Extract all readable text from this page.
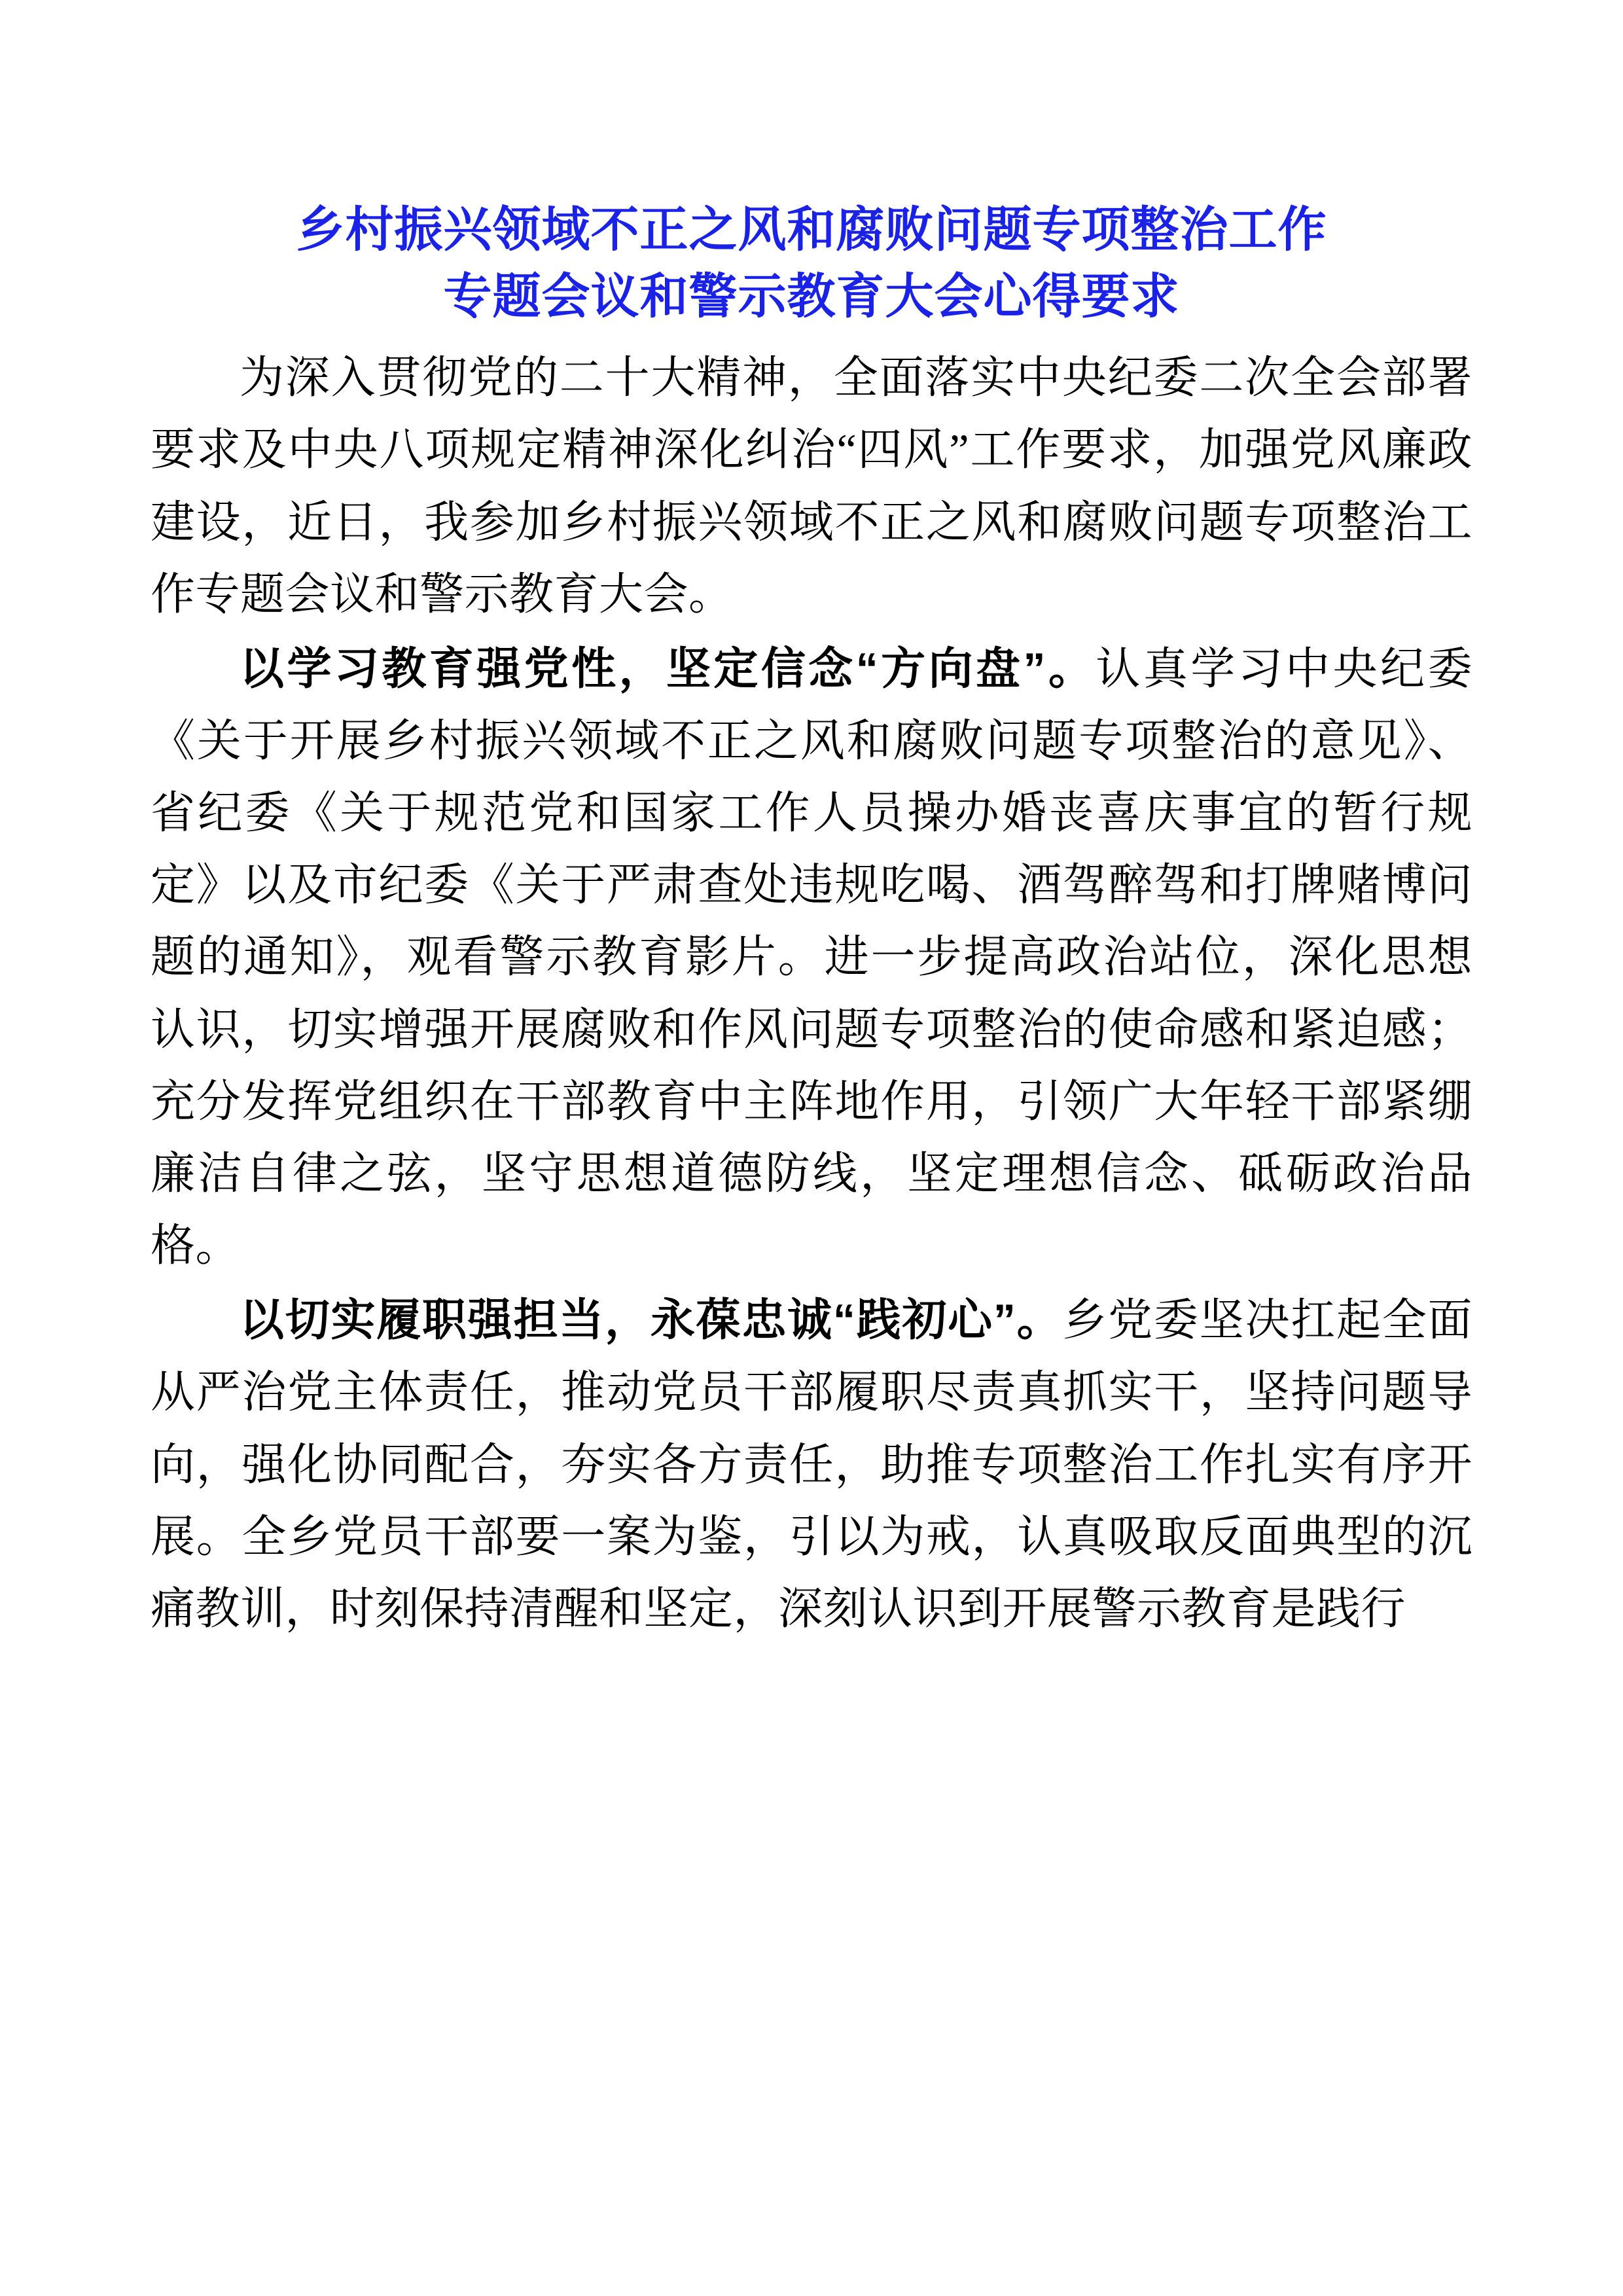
乡村振兴领域不正之风和腐败问题专项整治工作
专题会议和警示教育大会心得要求

为深入贯彻党的二十大精神，全面落实中央纪委二次全会部署要求及中央八项规定精神深化纠治“四风”工作要求，加强党风廉政建设，近日，我参加乡村振兴领域不正之风和腐败问题专项整治工作专题会议和警示教育大会。

以学习教育强党性，坚定信念“方向盘”。认真学习中央纪委《关于开展乡村振兴领域不正之风和腐败问题专项整治的意见》、省纪委《关于规范党和国家工作人员操办婚丧喜庆事宜的暂行规定》以及市纪委《关于严肃查处违规吃喝、酒驾醉驾和打牌赌博问题的通知》，观看警示教育影片。进一步提高政治站位，深化思想认识，切实增强开展腐败和作风问题专项整治的使命感和紧迫感；充分发挥党组织在干部教育中主阵地作用，引领广大年轻干部紧绷廉洁自律之弦，坚守思想道德防线，坚定理想信念、砥砺政治品格。

以切实履职强担当，永葆忠诚“践初心”。乡党委坚决扛起全面从严治党主体责任，推动党员干部履职尽责真抓实干，坚持问题导向，强化协同配合，夯实各方责任，助推专项整治工作扎实有序开展。全乡党员干部要一案为鉴，引以为戒，认真吸取反面典型的沉痛教训，时刻保持清醒和坚定，深刻认识到开展警示教育是践行
